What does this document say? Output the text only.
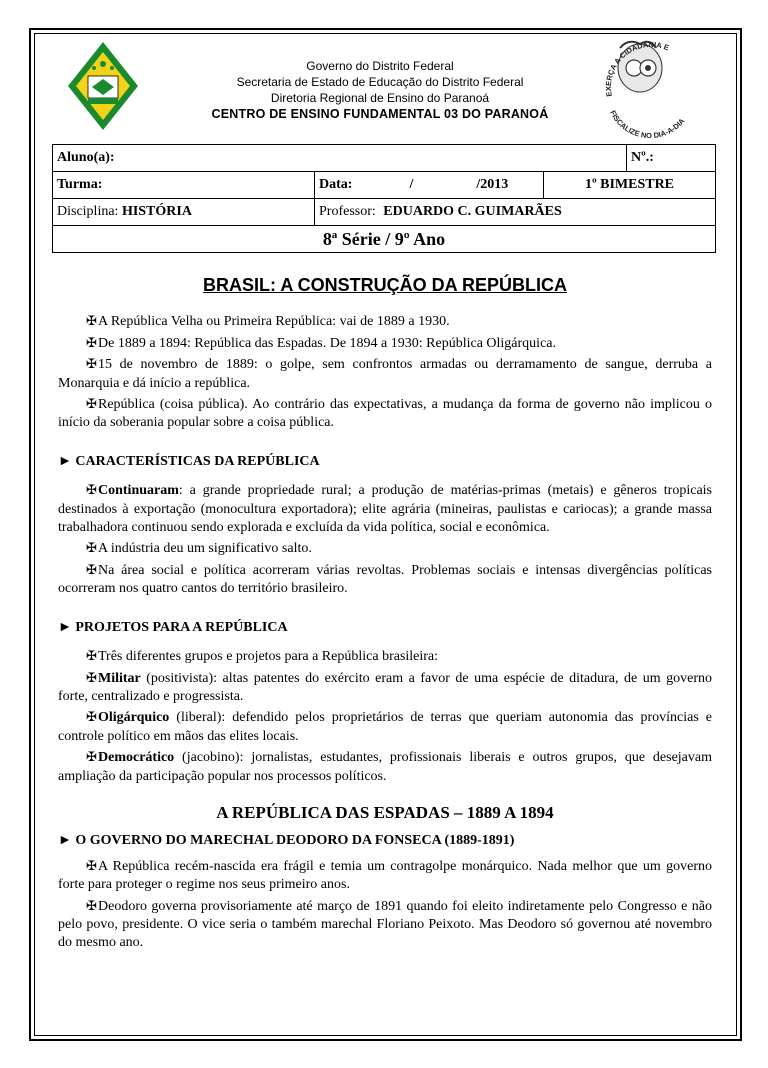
EXERÇA A CIDADANIA E
FISCALIZE NO DIA-A-DIA
Governo do Distrito Federal
Secretaria de Estado de Educação do Distrito Federal
Diretoria Regional de Ensino do Paranoá
CENTRO DE ENSINO FUNDAMENTAL 03 DO PARANOÁ
Aluno(a):			Nº.:
Turma:	Data: / /2013	1º BIMESTRE	
Disciplina: HISTÓRIA	Professor: EDUARDO C. GUIMARÃES		
8ª Série / 9º Ano			
BRASIL: A CONSTRUÇÃO DA REPÚBLICA

✠A República Velha ou Primeira República: vai de 1889 a 1930.

✠De 1889 a 1894: República das Espadas. De 1894 a 1930: República Oligárquica.

✠15 de novembro de 1889: o golpe, sem confrontos armadas ou derramamento de sangue, derruba a Monarquia e dá início a república.

✠República (coisa pública). Ao contrário das expectativas, a mudança da forma de governo não implicou o início da soberania popular sobre a coisa pública.

► CARACTERÍSTICAS DA REPÚBLICA

✠Continuaram: a grande propriedade rural; a produção de matérias-primas (metais) e gêneros tropicais destinados à exportação (monocultura exportadora); elite agrária (mineiras, paulistas e cariocas); a grande massa trabalhadora continuou sendo explorada e excluída da vida política, social e econômica.

✠A indústria deu um significativo salto.

✠Na área social e política acorreram várias revoltas. Problemas sociais e intensas divergências políticas ocorreram nos quatro cantos do território brasileiro.

► PROJETOS PARA A REPÚBLICA

✠Três diferentes grupos e projetos para a República brasileira:

✠Militar (positivista): altas patentes do exército eram a favor de uma espécie de ditadura, de um governo forte, centralizado e progressista.

✠Oligárquico (liberal): defendido pelos proprietários de terras que queriam autonomia das províncias e controle político em mãos das elites locais.

✠Democrático (jacobino): jornalistas, estudantes, profissionais liberais e outros grupos, que desejavam ampliação da participação popular nos processos políticos.

A REPÚBLICA DAS ESPADAS – 1889 A 1894
► O GOVERNO DO MARECHAL DEODORO DA FONSECA (1889-1891)

✠A República recém-nascida era frágil e temia um contragolpe monárquico. Nada melhor que um governo forte para proteger o regime nos seus primeiro anos.

✠Deodoro governa provisoriamente até março de 1891 quando foi eleito indiretamente pelo Congresso e não pelo povo, presidente. O vice seria o também marechal Floriano Peixoto. Mas Deodoro só governou até novembro do mesmo ano.
